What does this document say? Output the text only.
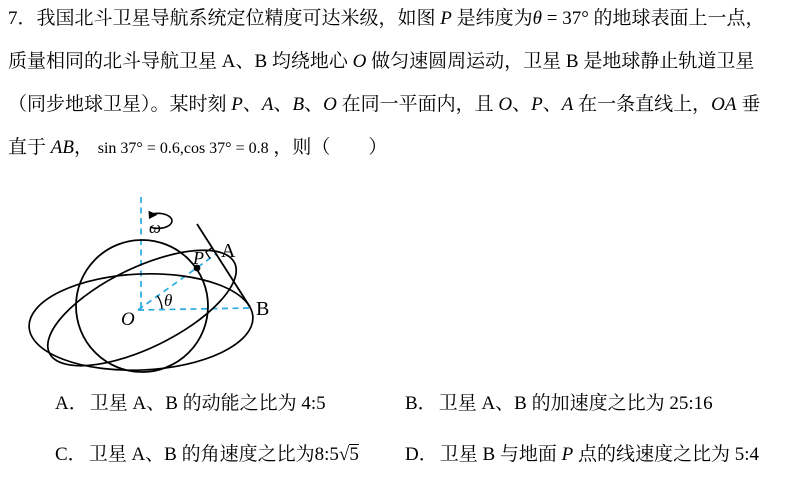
7．我国北斗卫星导航系统定位精度可达米级，如图 P 是纬度为θ = 37° 的地球表面上一点，
质量相同的北斗导航卫星 A、B 均绕地心 O 做匀速圆周运动，卫星 B 是地球静止轨道卫星
（同步地球卫星）。某时刻 P、A、B、O 在同一平面内，且 O、P、A 在一条直线上，OA 垂
直于 AB， sin 37° = 0.6,cos 37° = 0.8 ，则（　　）
ω
A
P
θ
O	B
A． 卫星 A、B 的动能之比为 4:5	B． 卫星 A、B 的加速度之比为 25:16
C． 卫星 A、B 的角速度之比为8:5√5	D． 卫星 B 与地面 P 点的线速度之比为 5:4
